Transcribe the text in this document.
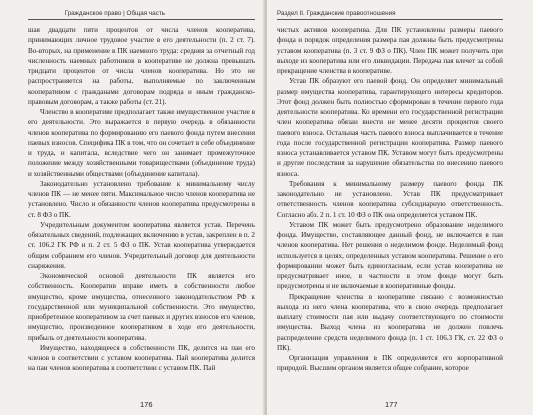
Гражданское право | Общая часть

шая двадцати пяти процентов от числа членов кооператива, принимающих личное трудовое участие в его деятельности (п. 2 ст. 7). Во-вторых, на применение в ПК наемного труда: средняя за отчетный год численность наемных работников в кооперативе не должна превышать тридцати процентов от числа членов кооператива. Но это не распространяется на работы, выполняемые по заключенным кооперативом с гражданами договорам подряда и иным гражданско-правовым договорам, а также работы (ст. 21).

Членство в кооперативе предполагает также имущественное участие в его деятельности. Это выражается в первую очередь в обязанности членов кооператива по формированию его паевого фонда путем внесения паевых взносов. Специфика ПК в том, что он сочетает в себе объединение и труда, и капитала, вследствие чего он занимает промежуточное положение между хозяйственными товариществами (объединение труда) и хозяйственными обществами (объединение капитала).

Законодательно установлено требование к минимальному числу членов ПК — не менее пяти. Максимальное число членов кооператива не установлено. Число и обязанности членов кооператива предусмотрены в ст. 8 ФЗ о ПК.

Учредительным документом кооператива является устав. Перечень обязательных сведений, подлежащих включению в устав, закреплен в п. 2 ст. 106.2 ГК РФ и п. 2 ст. 5 ФЗ о ПК. Устав кооператива утверждается общим собранием его членов. Учредительный договор для деятельности снаряжения.

Экономической основой деятельности ПК является его собственность. Кооператив вправе иметь в собственности любое имущество, кроме имущества, отнесенного законодательством РФ к государственной или муниципальной собственности. Это имущество, приобретенное кооперативом за счет паевых и других взносов его членов, имущество, произведенное кооперативом в ходе его деятельности, прибыль от деятельности кооператива.

Имущество, находящееся в собственности ПК, делится на паи его членов в соответствии с уставом кооператива. Пай кооператива делится на паи членов кооператива в соответствии с уставом ПК. Пай

176
Раздел II. Гражданские правоотношения

чистых активов кооператива. Для ПК установлены размеры паевого фонда и порядок определения размера пая должны быть предусмотрены уставом кооператива (п. 3 ст. 9 ФЗ о ПК). Член ПК может получить при выходе из кооператива или его ликвидации. Передача пая влечет за собой прекращение членства в кооперативе.

Устав ПК образуют его паевой фонд. Он определяет минимальный размер имущества кооператива, гарантирующего интересы кредиторов. Этот фонд должен быть полностью сформирован в течение первого года деятельности кооператива. Ко времени его государственной регистрации член кооператива обязан внести не менее десяти процентов своего паевого взноса. Остальная часть паевого взноса выплачивается в течение года после государственной регистрации кооператива. Размер паевого взноса устанавливается уставом ПК. Уставом могут быть предусмотрены и другие последствия за нарушение обязательства по внесению паевого взноса.

Требования к минимальному размеру паевого фонда ПК законодательно не установлено. Устав ПК предусматривает ответственность членов кооператива субсидиарную ответственность. Согласно абз. 2 п. 1 ст. 10 ФЗ о ПК она определяется уставом ПК.

Уставом ПК может быть предусмотрено образование неделимого фонда. Имущество, составляющее данный фонд, не включается в паи членов кооператива. Нет решения о неделимом фонде. Неделимый фонд используется в целях, определенных уставом кооператива. Решение о его формировании может быть единогласным, если устав кооператива не предусматривает иное, в частности в этом фонде могут быть предусмотрены и не включаемые в кооперативные фонды.

Прекращение членства в кооперативе связано с возможностью выхода из него члена кооператива, что в свою очередь предполагает выплату стоимости пая или выдачу соответствующего по стоимости имущества. Выход члена из кооператива не должен повлечь распределение средств неделимого фонда (п. 1 ст. 106.3 ГК, ст. 22 ФЗ о ПК).

Организация управления в ПК определяется его корпоративной природой. Высшим органом является общее собрание, которое

177
